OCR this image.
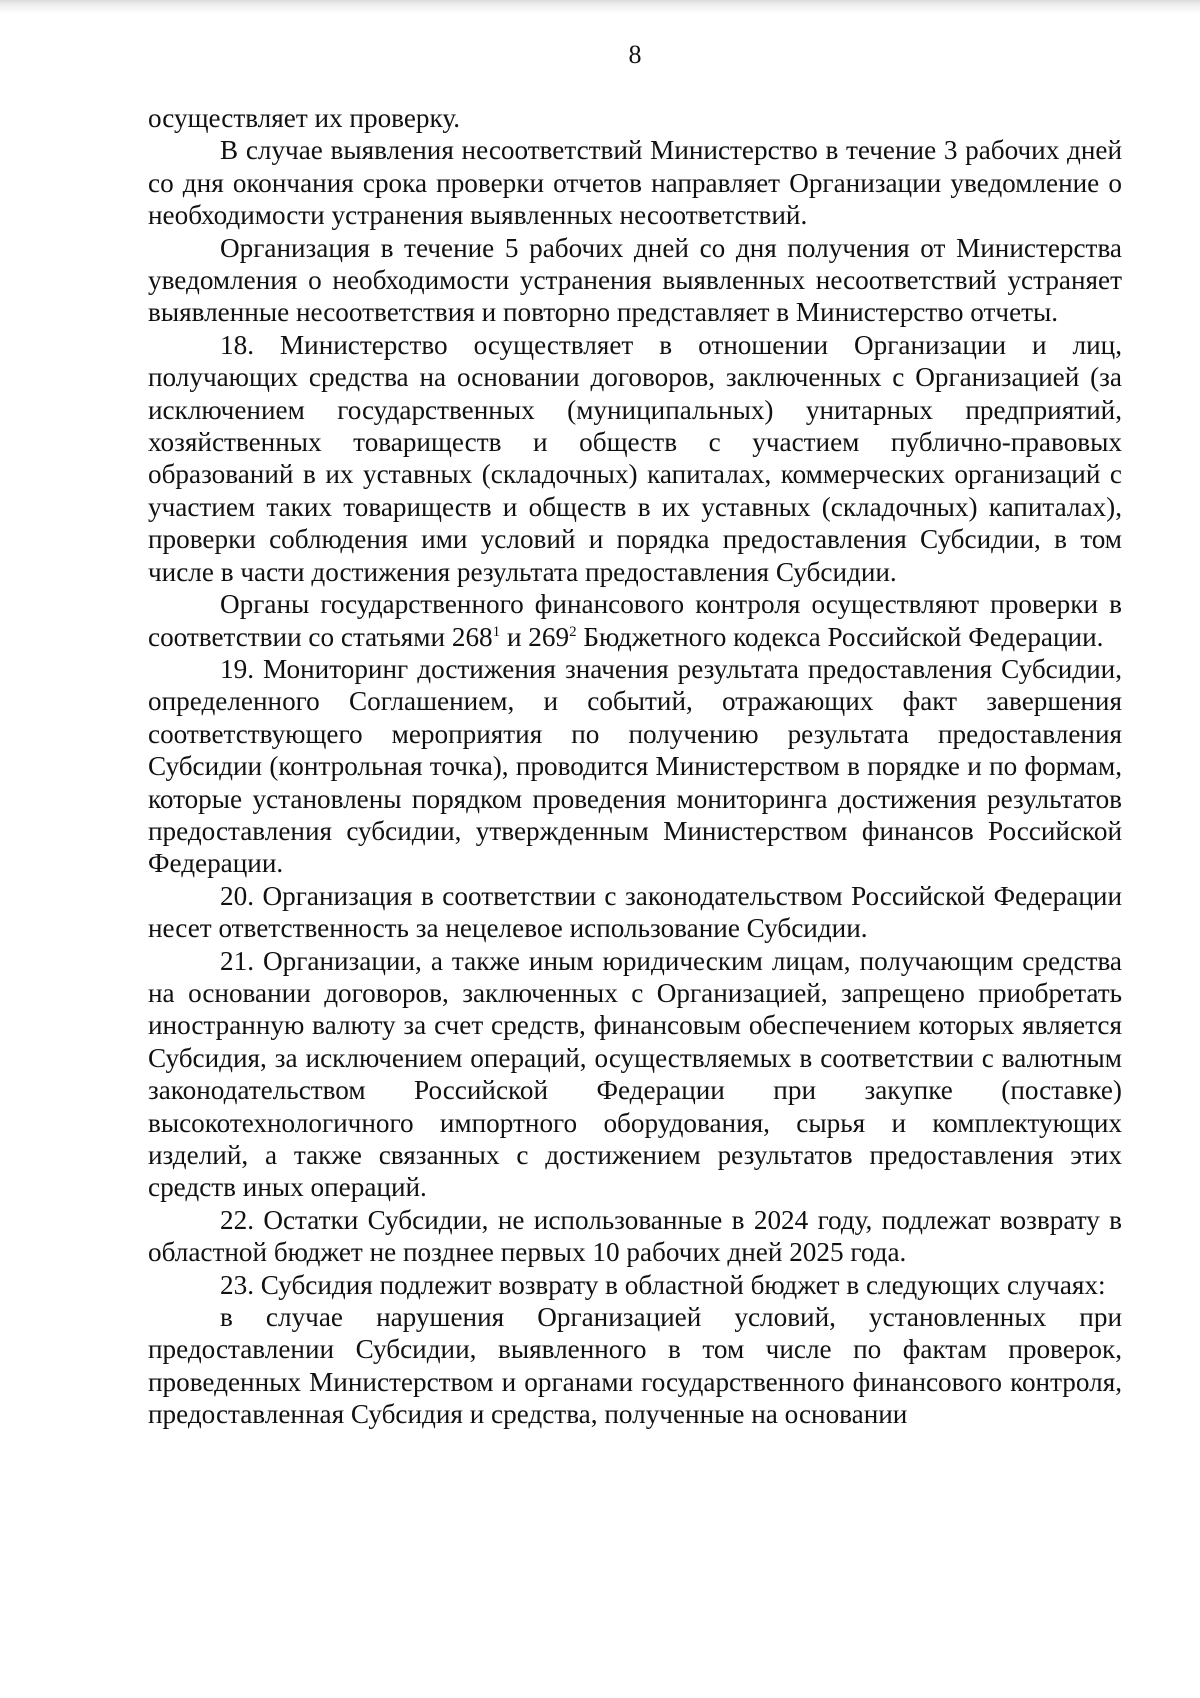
8

осуществляет их проверку.

В случае выявления несоответствий Министерство в течение 3 рабочих дней со дня окончания срока проверки отчетов направляет Организации уведомление о необходимости устранения выявленных несоответствий.

Организация в течение 5 рабочих дней со дня получения от Министерства уведомления о необходимости устранения выявленных несоответствий устраняет выявленные несоответствия и повторно представляет в Министерство отчеты.

18. Министерство осуществляет в отношении Организации и лиц, получающих средства на основании договоров, заключенных с Организацией (за исключением государственных (муниципальных) унитарных предприятий, хозяйственных товариществ и обществ с участием публично-правовых образований в их уставных (складочных) капиталах, коммерческих организаций с участием таких товариществ и обществ в их уставных (складочных) капиталах), проверки соблюдения ими условий и порядка предоставления Субсидии, в том числе в части достижения результата предоставления Субсидии.

Органы государственного финансового контроля осуществляют проверки в соответствии со статьями $268^1$ и $269^2$ Бюджетного кодекса Российской Федерации.

19. Мониторинг достижения значения результата предоставления Субсидии, определенного Соглашением, и событий, отражающих факт завершения соответствующего мероприятия по получению результата предоставления Субсидии (контрольная точка), проводится Министерством в порядке и по формам, которые установлены порядком проведения мониторинга достижения результатов предоставления субсидии, утвержденным Министерством финансов Российской Федерации.

20. Организация в соответствии с законодательством Российской Федерации несет ответственность за нецелевое использование Субсидии.

21. Организации, а также иным юридическим лицам, получающим средства на основании договоров, заключенных с Организацией, запрещено приобретать иностранную валюту за счет средств, финансовым обеспечением которых является Субсидия, за исключением операций, осуществляемых в соответствии с валютным законодательством Российской Федерации при закупке (поставке) высокотехнологичного импортного оборудования, сырья и комплектующих изделий, а также связанных с достижением результатов предоставления этих средств иных операций.

22. Остатки Субсидии, не использованные в 2024 году, подлежат возврату в областной бюджет не позднее первых 10 рабочих дней 2025 года.

23. Субсидия подлежит возврату в областной бюджет в следующих случаях:

в случае нарушения Организацией условий, установленных при предоставлении Субсидии, выявленного в том числе по фактам проверок, проведенных Министерством и органами государственного финансового контроля, предоставленная Субсидия и средства, полученные на основании
